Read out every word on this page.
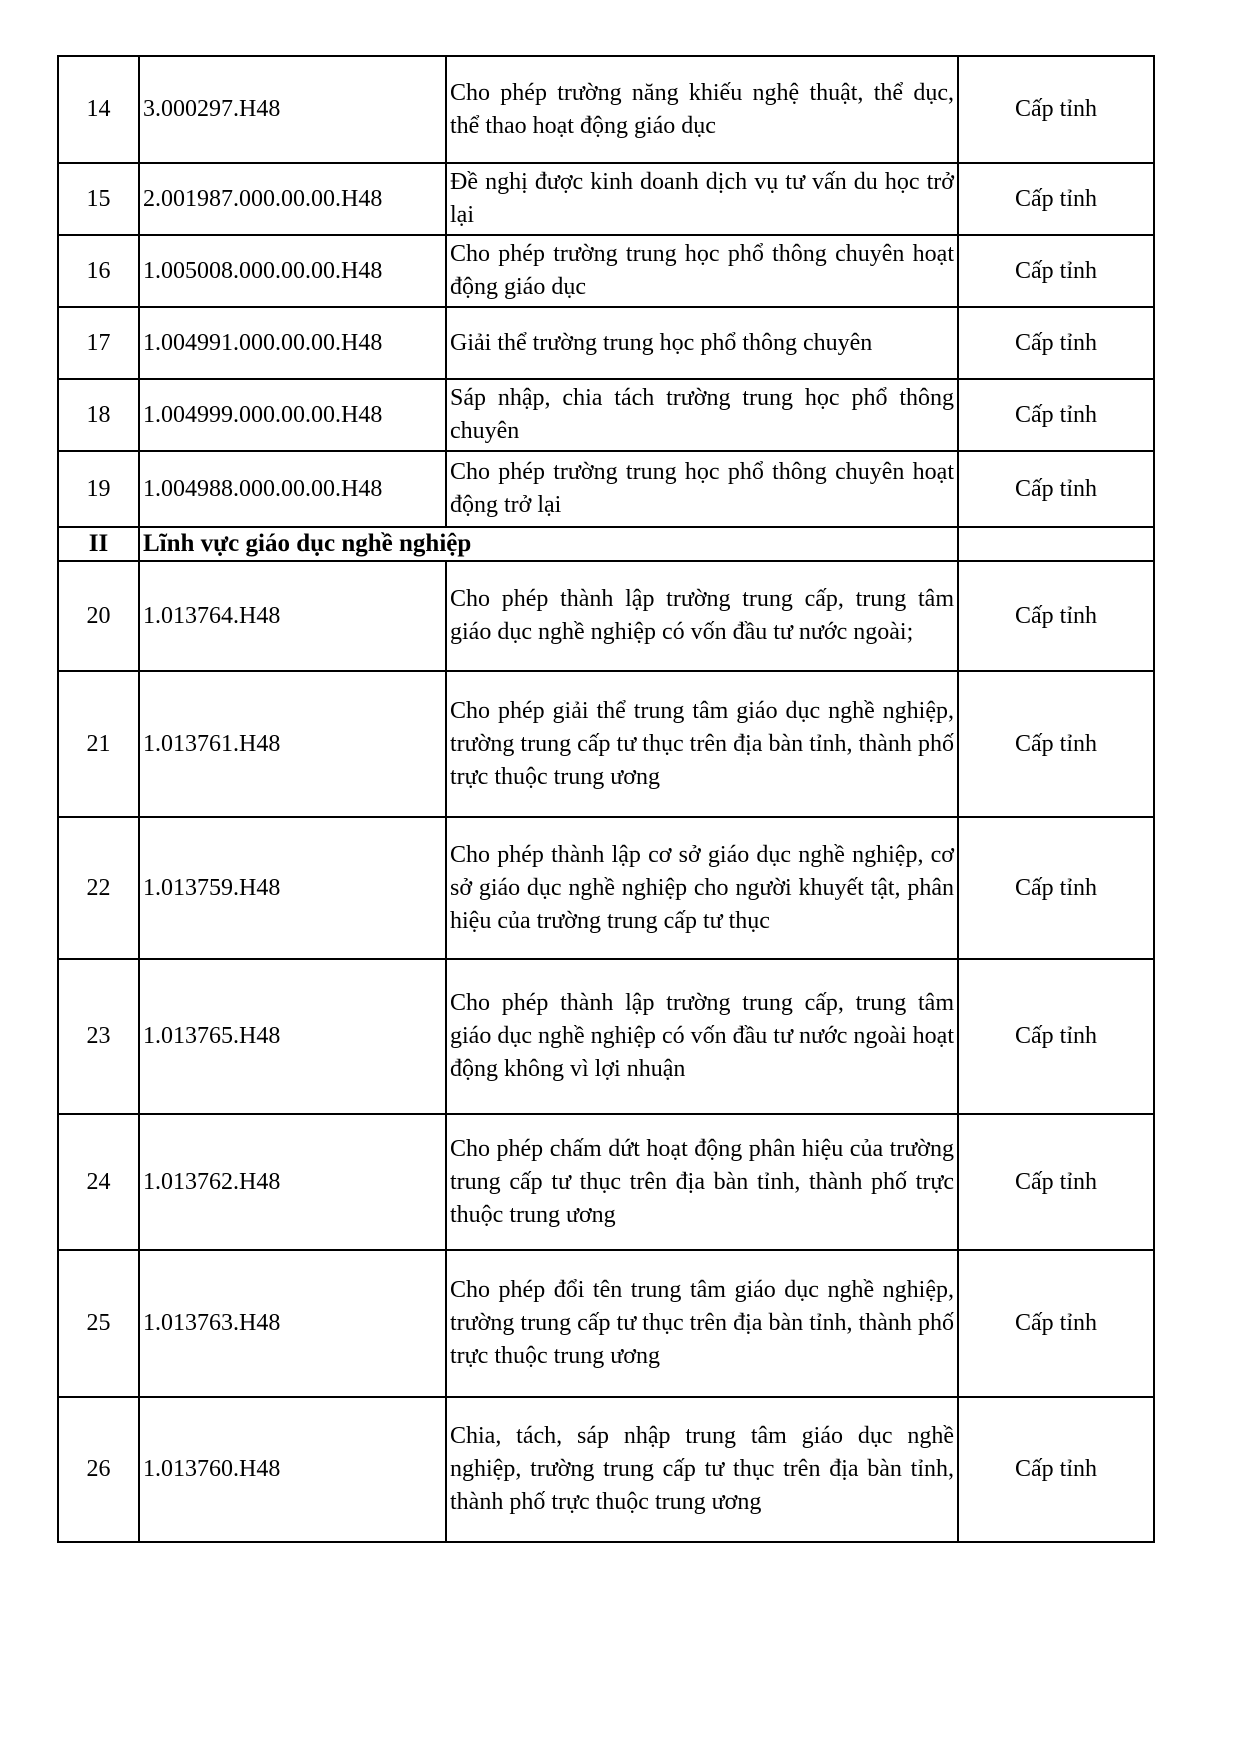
14	3.000297.H48	Cho phép trường năng khiếu nghệ thuật, thể dục, thể thao hoạt động giáo dục	Cấp tỉnh
15	2.001987.000.00.00.H48	Đề nghị được kinh doanh dịch vụ tư vấn du học trở lại	Cấp tỉnh
16	1.005008.000.00.00.H48	Cho phép trường trung học phổ thông chuyên hoạt động giáo dục	Cấp tỉnh
17	1.004991.000.00.00.H48	Giải thể trường trung học phổ thông chuyên	Cấp tỉnh
18	1.004999.000.00.00.H48	Sáp nhập, chia tách trường trung học phổ thông chuyên	Cấp tỉnh
19	1.004988.000.00.00.H48	Cho phép trường trung học phổ thông chuyên hoạt động trở lại	Cấp tỉnh
II	Lĩnh vực giáo dục nghề nghiệp		
20	1.013764.H48	Cho phép thành lập trường trung cấp, trung tâm giáo dục nghề nghiệp có vốn đầu tư nước ngoài;	Cấp tỉnh
21	1.013761.H48	Cho phép giải thể trung tâm giáo dục nghề nghiệp, trường trung cấp tư thục trên địa bàn tỉnh, thành phố trực thuộc trung ương	Cấp tỉnh
22	1.013759.H48	Cho phép thành lập cơ sở giáo dục nghề nghiệp, cơ sở giáo dục nghề nghiệp cho người khuyết tật, phân hiệu của trường trung cấp tư thục	Cấp tỉnh
23	1.013765.H48	Cho phép thành lập trường trung cấp, trung tâm giáo dục nghề nghiệp có vốn đầu tư nước ngoài hoạt động không vì lợi nhuận	Cấp tỉnh
24	1.013762.H48	Cho phép chấm dứt hoạt động phân hiệu của trường trung cấp tư thục trên địa bàn tỉnh, thành phố trực thuộc trung ương	Cấp tỉnh
25	1.013763.H48	Cho phép đổi tên trung tâm giáo dục nghề nghiệp, trường trung cấp tư thục trên địa bàn tỉnh, thành phố trực thuộc trung ương	Cấp tỉnh
26	1.013760.H48	Chia, tách, sáp nhập trung tâm giáo dục nghề nghiệp, trường trung cấp tư thục trên địa bàn tỉnh, thành phố trực thuộc trung ương	Cấp tỉnh
